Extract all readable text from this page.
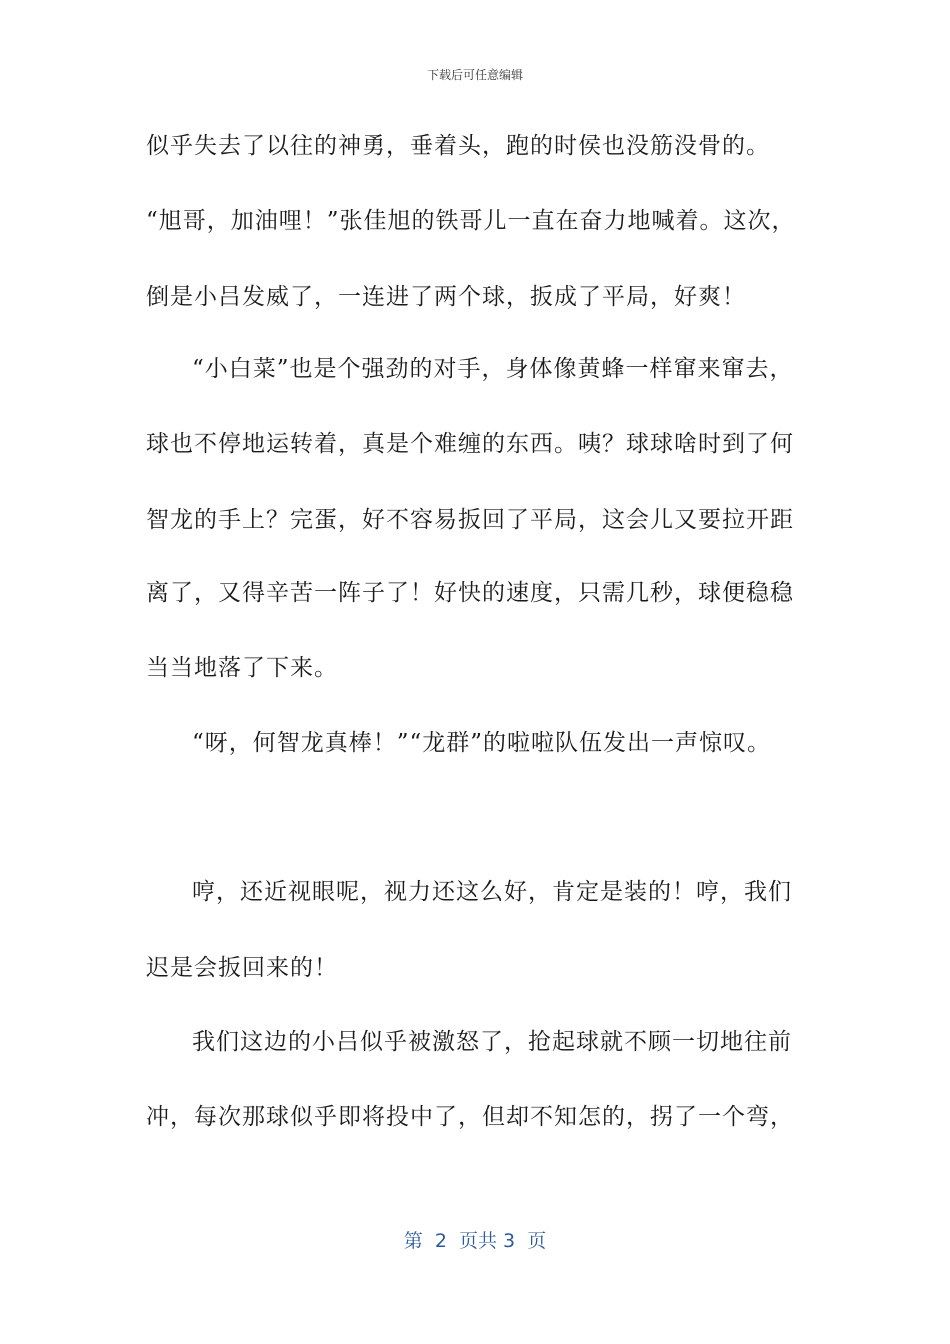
下载后可任意编辑
似乎失去了以往的神勇，垂着头，跑的时侯也没筋没骨的。
“旭哥，加油哩！”张佳旭的铁哥儿一直在奋力地喊着。这次，
倒是小吕发威了，一连进了两个球，扳成了平局，好爽！
“小白菜”也是个强劲的对手，身体像黄蜂一样窜来窜去，
球也不停地运转着，真是个难缠的东西。咦？球球啥时到了何
智龙的手上？完蛋，好不容易扳回了平局，这会儿又要拉开距
离了，又得辛苦一阵子了！好快的速度，只需几秒，球便稳稳
当当地落了下来。
“呀，何智龙真棒！”“龙群”的啦啦队伍发出一声惊叹。
哼，还近视眼呢，视力还这么好，肯定是装的！哼，我们
迟是会扳回来的！
我们这边的小吕似乎被激怒了，抢起球就不顾一切地往前
冲，每次那球似乎即将投中了，但却不知怎的，拐了一个弯，
第  2  页共 3  页
